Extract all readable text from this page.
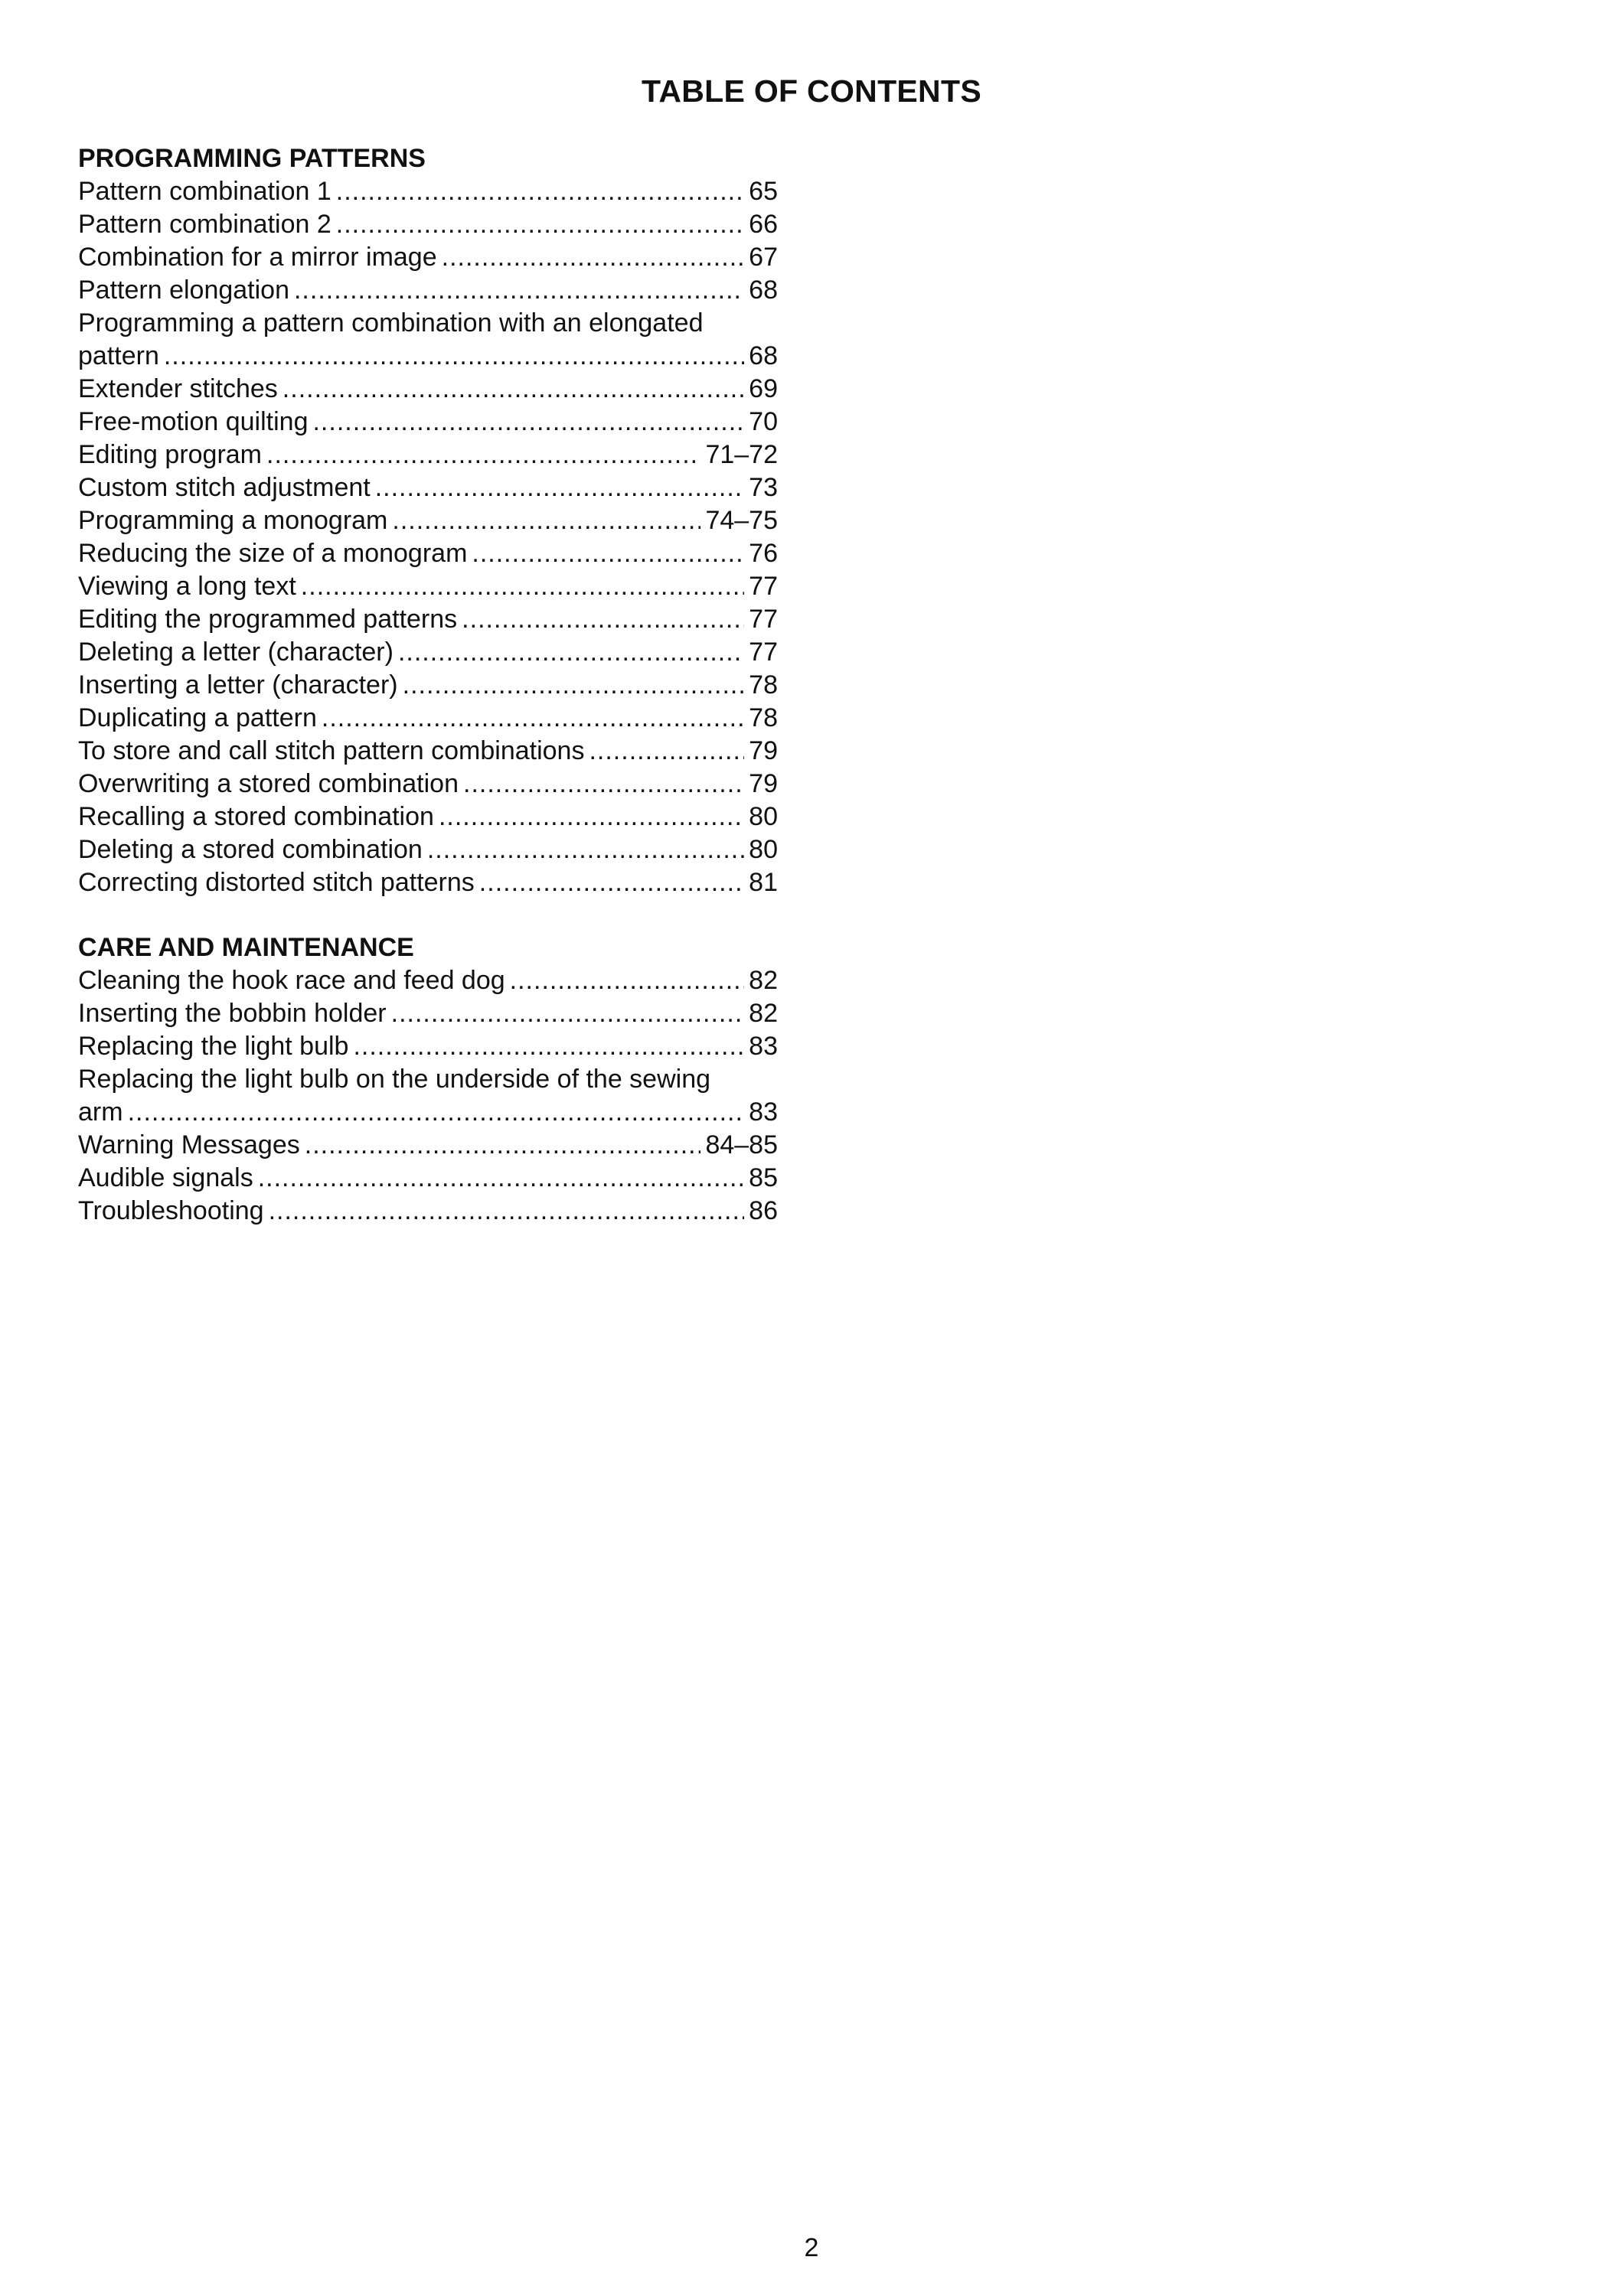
TABLE OF CONTENTS
PROGRAMMING PATTERNS
Pattern combination 1 .....	65
Pattern combination 2 .....	66
Combination for a mirror image .....	67
Pattern elongation .....	68
Programming a pattern combination with an elongated
pattern .....	68
Extender stitches .....	69
Free-motion quilting .....	70
Editing program .....	71–72
Custom stitch adjustment .....	73
Programming a monogram .....	74–75
Reducing the size of a monogram .....	76
Viewing a long text .....	77
Editing the programmed patterns .....	77
Deleting a letter (character) .....	77
Inserting a letter (character) .....	78
Duplicating a pattern .....	78
To store and call stitch pattern combinations .....	79
Overwriting a stored combination .....	79
Recalling a stored combination .....	80
Deleting a stored combination .....	80
Correcting distorted stitch patterns .....	81
CARE AND MAINTENANCE
Cleaning the hook race and feed dog .....	82
Inserting the bobbin holder .....	82
Replacing the light bulb .....	83
Replacing the light bulb on the underside of the sewing
arm .....	83
Warning Messages .....	84–85
Audible signals .....	85
Troubleshooting .....	86
2
